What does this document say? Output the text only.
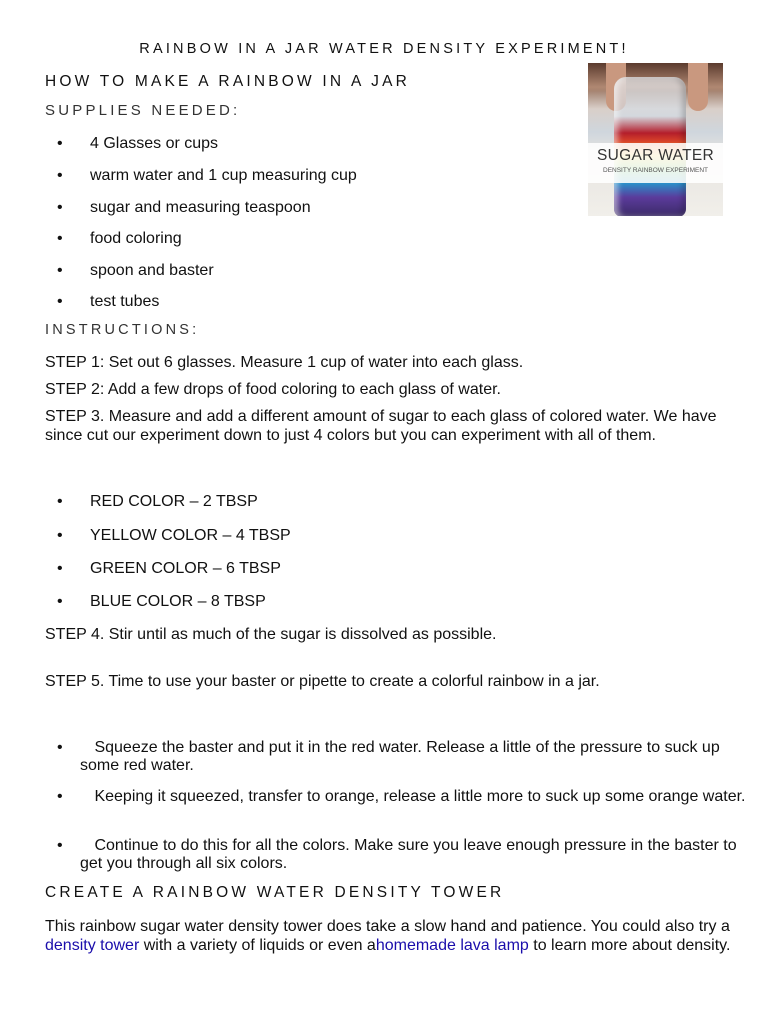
RAINBOW IN A JAR WATER DENSITY EXPERIMENT!
HOW TO MAKE A RAINBOW IN A JAR
SUPPLIES NEEDED:
• 4 Glasses or cups
• warm water and 1 cup measuring cup
• sugar and measuring teaspoon
• food coloring
• spoon and baster
• test tubes
SUGAR WATER
DENSITY RAINBOW EXPERIMENT
INSTRUCTIONS:
STEP 1: Set out 6 glasses. Measure 1 cup of water into each glass.
STEP 2: Add a few drops of food coloring to each glass of water.
STEP 3. Measure and add a different amount of sugar to each glass of colored water. We have since cut our experiment down to just 4 colors but you can experiment with all of them.
• RED COLOR – 2 TBSP
• YELLOW COLOR – 4 TBSP
• GREEN COLOR – 6 TBSP
• BLUE COLOR – 8 TBSP
STEP 4. Stir until as much of the sugar is dissolved as possible.
STEP 5. Time to use your baster or pipette to create a colorful rainbow in a jar.
• Squeeze the baster and put it in the red water. Release a little of the pressure to suck up some red water.
• Keeping it squeezed, transfer to orange, release a little more to suck up some orange water.
• Continue to do this for all the colors. Make sure you leave enough pressure in the baster to get you through all six colors.
CREATE A RAINBOW WATER DENSITY TOWER
This rainbow sugar water density tower does take a slow hand and patience. You could also try a density tower with a variety of liquids or even ahomemade lava lamp to learn more about density.
